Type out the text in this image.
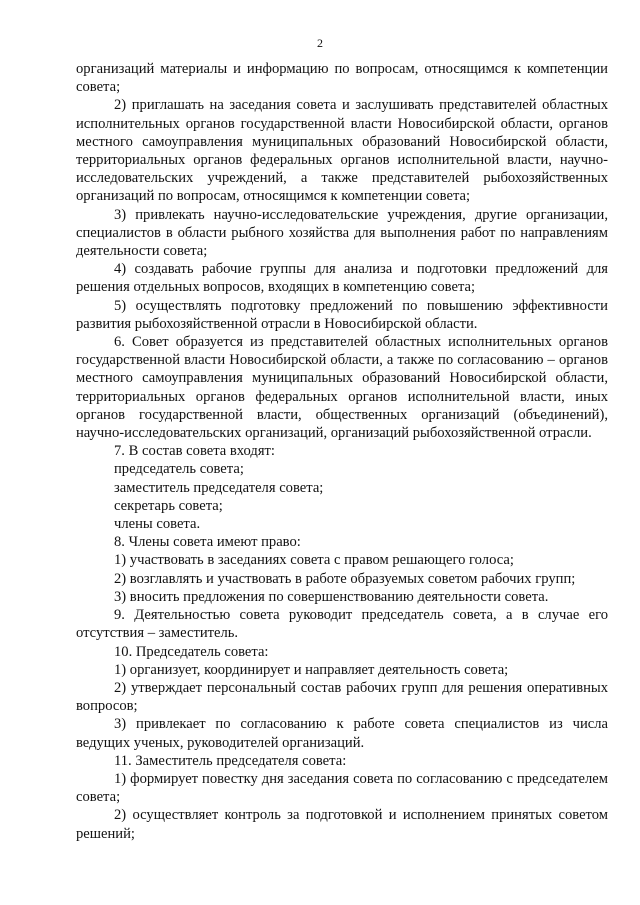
2

организаций материалы и информацию по вопросам, относящимся к компетенции совета;

2) приглашать на заседания совета и заслушивать представителей областных исполнительных органов государственной власти Новосибирской области, органов местного самоуправления муниципальных образований Новосибирской области, территориальных органов федеральных органов исполнительной власти, научно-исследовательских учреждений, а также представителей рыбохозяйственных организаций по вопросам, относящимся к компетенции совета;

3) привлекать научно-исследовательские учреждения, другие организации, специалистов в области рыбного хозяйства для выполнения работ по направлениям деятельности совета;

4) создавать рабочие группы для анализа и подготовки предложений для решения отдельных вопросов, входящих в компетенцию совета;

5) осуществлять подготовку предложений по повышению эффективности развития рыбохозяйственной отрасли в Новосибирской области.

6. Совет образуется из представителей областных исполнительных органов государственной власти Новосибирской области, а также по согласованию – органов местного самоуправления муниципальных образований Новосибирской области, территориальных органов федеральных органов исполнительной власти, иных органов государственной власти, общественных организаций (объединений), научно-исследовательских организаций, организаций рыбохозяйственной отрасли.

7. В состав совета входят:

председатель совета;

заместитель председателя совета;

секретарь совета;

члены совета.

8. Члены совета имеют право:

1) участвовать в заседаниях совета с правом решающего голоса;

2) возглавлять и участвовать в работе образуемых советом рабочих групп;

3) вносить предложения по совершенствованию деятельности совета.

9. Деятельностью совета руководит председатель совета, а в случае его отсутствия – заместитель.

10. Председатель совета:

1) организует, координирует и направляет деятельность совета;

2) утверждает персональный состав рабочих групп для решения оперативных вопросов;

3) привлекает по согласованию к работе совета специалистов из числа ведущих ученых, руководителей организаций.

11. Заместитель председателя совета:

1) формирует повестку дня заседания совета по согласованию с председателем совета;

2) осуществляет контроль за подготовкой и исполнением принятых советом решений;
